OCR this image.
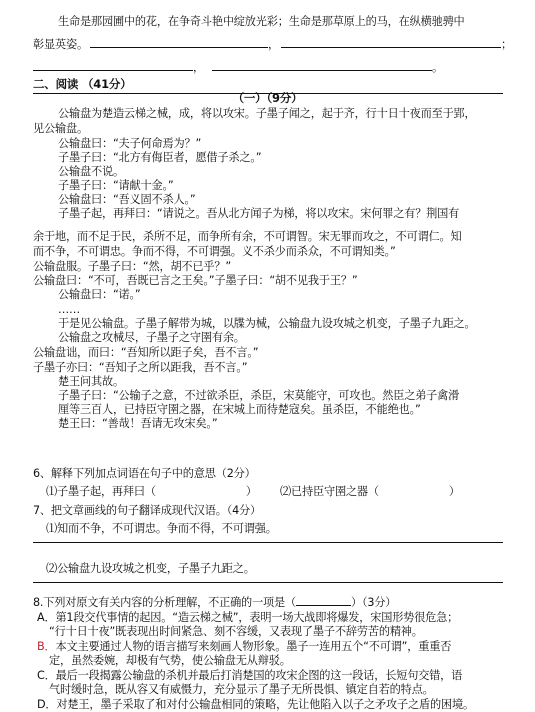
生命是那园圃中的花，在争奇斗艳中绽放光彩；生命是那草原上的马，在纵横驰骋中
彰显英姿。	，	；
，	。
二、阅读 （41分）
（一）（9分）
公输盘为楚造云梯之械，成，将以攻宋。子墨子闻之，起于齐，行十日十夜而至于郢，
见公输盘。
公输盘曰：“夫子何命焉为？”
子墨子曰：“北方有侮臣者，愿借子杀之。”
公输盘不说。
子墨子曰：“请献十金。”
公输盘曰：“吾义固不杀人。”
子墨子起，再拜曰：“请说之。吾从北方闻子为梯，将以攻宋。宋何罪之有？荆国有
余于地，而不足于民，杀所不足，而争所有余，不可谓智。宋无罪而攻之，不可谓仁。知
而不争，不可谓忠。争而不得，不可谓强。义不杀少而杀众，不可谓知类。”
公输盘服。子墨子曰：“然，胡不已乎？”
公输盘曰：“不可，吾既已言之王矣。”子墨子曰：“胡不见我于王？”
公输盘曰：“诺。”
……
于是见公输盘。子墨子解带为城，以牒为械，公输盘九设攻城之机变，子墨子九距之。
公输盘之攻械尽，子墨子之守圉有余。
公输盘诎，而曰：“吾知所以距子矣，吾不言。”
子墨子亦曰：“吾知子之所以距我，吾不言。”
楚王问其故。
子墨子曰：“公输子之意，不过欲杀臣，杀臣，宋莫能守，可攻也。然臣之弟子禽滑
厘等三百人，已持臣守圉之器，在宋城上而待楚寇矣。虽杀臣，不能绝也。”
楚王曰：“善哉！吾请无攻宋矣。”
6、解释下列加点词语在句子中的意思（2分）
⑴子墨子起，再拜曰（	） ⑵已持臣守圉之器（	）
7、把文章画线的句子翻译成现代汉语。（4分）
⑴知而不争，不可谓忠。争而不得，不可谓强。
⑵公输盘九设攻城之机变，子墨子九距之。
8.下列对原文有关内容的分析理解，不正确的一项是（	）（3分）
A．第1段交代事情的起因。“造云梯之械”，表明一场大战即将爆发，宋国形势很危急；
“行十日十夜”既表现出时间紧急、刻不容缓，又表现了墨子不辞劳苦的精神。
B．本文主要通过人物的语言描写来刻画人物形象。墨子一连用五个“不可谓”，重重否
定，虽然委婉，却极有气势，使公输盘无从辩驳。
C．最后一段揭露公输盘的杀机并最后打消楚国的攻宋企图的这一段话，长短句交错，语
气时缓时急，既从容又有威慑力，充分显示了墨子无所畏惧、镇定自若的特点。
D．对楚王，墨子采取了和对付公输盘相同的策略，先让他陷入以子之矛攻子之盾的困境。
